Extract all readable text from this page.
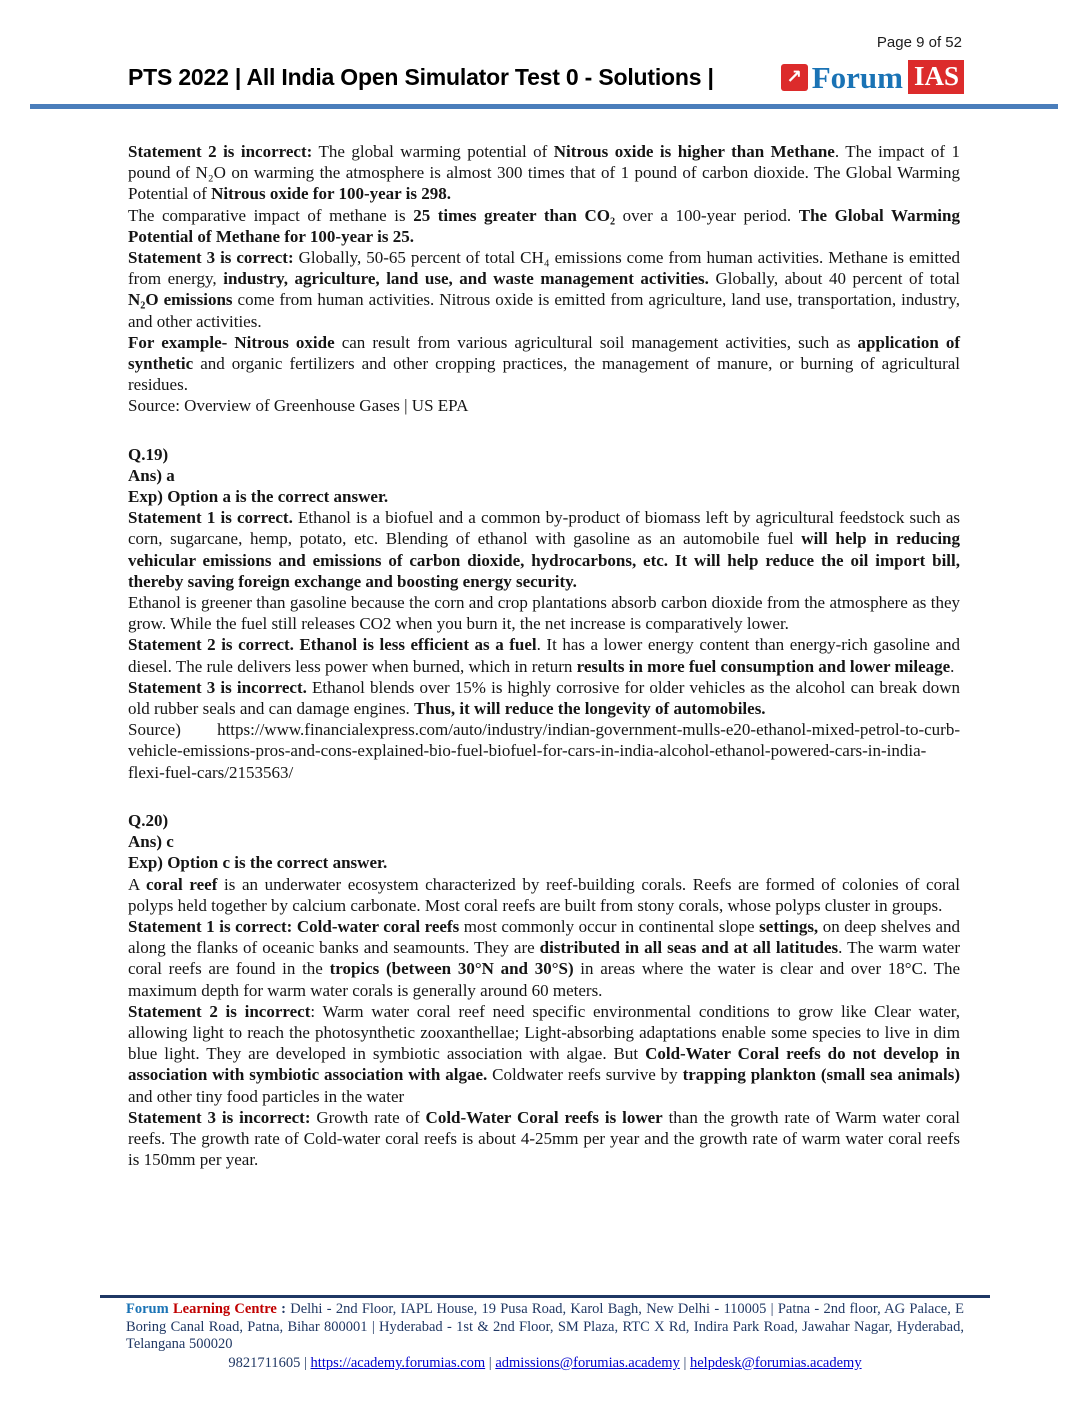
Page 9 of 52
PTS 2022 | All India Open Simulator Test 0 - Solutions |	↗ Forum IAS

Statement 2 is incorrect: The global warming potential of Nitrous oxide is higher than Methane. The impact of 1 pound of N₂O on warming the atmosphere is almost 300 times that of 1 pound of carbon dioxide. The Global Warming Potential of Nitrous oxide for 100-year is 298.

The comparative impact of methane is 25 times greater than CO₂ over a 100-year period. The Global Warming Potential of Methane for 100-year is 25.

Statement 3 is correct: Globally, 50-65 percent of total CH₄ emissions come from human activities. Methane is emitted from energy, industry, agriculture, land use, and waste management activities. Globally, about 40 percent of total N₂O emissions come from human activities. Nitrous oxide is emitted from agriculture, land use, transportation, industry, and other activities.

For example- Nitrous oxide can result from various agricultural soil management activities, such as application of synthetic and organic fertilizers and other cropping practices, the management of manure, or burning of agricultural residues.

Source: Overview of Greenhouse Gases | US EPA

Q.19)

Ans) a

Exp) Option a is the correct answer.

Statement 1 is correct. Ethanol is a biofuel and a common by-product of biomass left by agricultural feedstock such as corn, sugarcane, hemp, potato, etc. Blending of ethanol with gasoline as an automobile fuel will help in reducing vehicular emissions and emissions of carbon dioxide, hydrocarbons, etc. It will help reduce the oil import bill, thereby saving foreign exchange and boosting energy security.

Ethanol is greener than gasoline because the corn and crop plantations absorb carbon dioxide from the atmosphere as they grow. While the fuel still releases CO2 when you burn it, the net increase is comparatively lower.

Statement 2 is correct. Ethanol is less efficient as a fuel. It has a lower energy content than energy-rich gasoline and diesel. The rule delivers less power when burned, which in return results in more fuel consumption and lower mileage.

Statement 3 is incorrect. Ethanol blends over 15% is highly corrosive for older vehicles as the alcohol can break down old rubber seals and can damage engines. Thus, it will reduce the longevity of automobiles.

Source)        https://www.financialexpress.com/auto/industry/indian-government-mulls-e20-ethanol-mixed-petrol-to-curb-vehicle-emissions-pros-and-cons-explained-bio-fuel-biofuel-for-cars-in-india-alcohol-ethanol-powered-cars-in-india-flexi-fuel-cars/2153563/

Q.20)

Ans) c

Exp) Option c is the correct answer.

A coral reef is an underwater ecosystem characterized by reef-building corals. Reefs are formed of colonies of coral polyps held together by calcium carbonate. Most coral reefs are built from stony corals, whose polyps cluster in groups.

Statement 1 is correct: Cold-water coral reefs most commonly occur in continental slope settings, on deep shelves and along the flanks of oceanic banks and seamounts. They are distributed in all seas and at all latitudes. The warm water coral reefs are found in the tropics (between 30°N and 30°S) in areas where the water is clear and over 18°C. The maximum depth for warm water corals is generally around 60 meters.

Statement 2 is incorrect: Warm water coral reef need specific environmental conditions to grow like Clear water, allowing light to reach the photosynthetic zooxanthellae; Light-absorbing adaptations enable some species to live in dim blue light. They are developed in symbiotic association with algae. But Cold-Water Coral reefs do not develop in association with symbiotic association with algae. Coldwater reefs survive by trapping plankton (small sea animals) and other tiny food particles in the water

Statement 3 is incorrect: Growth rate of Cold-Water Coral reefs is lower than the growth rate of Warm water coral reefs. The growth rate of Cold-water coral reefs is about 4-25mm per year and the growth rate of warm water coral reefs is 150mm per year.

Forum Learning Centre : Delhi - 2nd Floor, IAPL House, 19 Pusa Road, Karol Bagh, New Delhi - 110005 | Patna - 2nd floor, AG Palace, E Boring Canal Road, Patna, Bihar 800001 | Hyderabad - 1st & 2nd Floor, SM Plaza, RTC X Rd, Indira Park Road, Jawahar Nagar, Hyderabad, Telangana 500020
9821711605 | https://academy.forumias.com | admissions@forumias.academy | helpdesk@forumias.academy
